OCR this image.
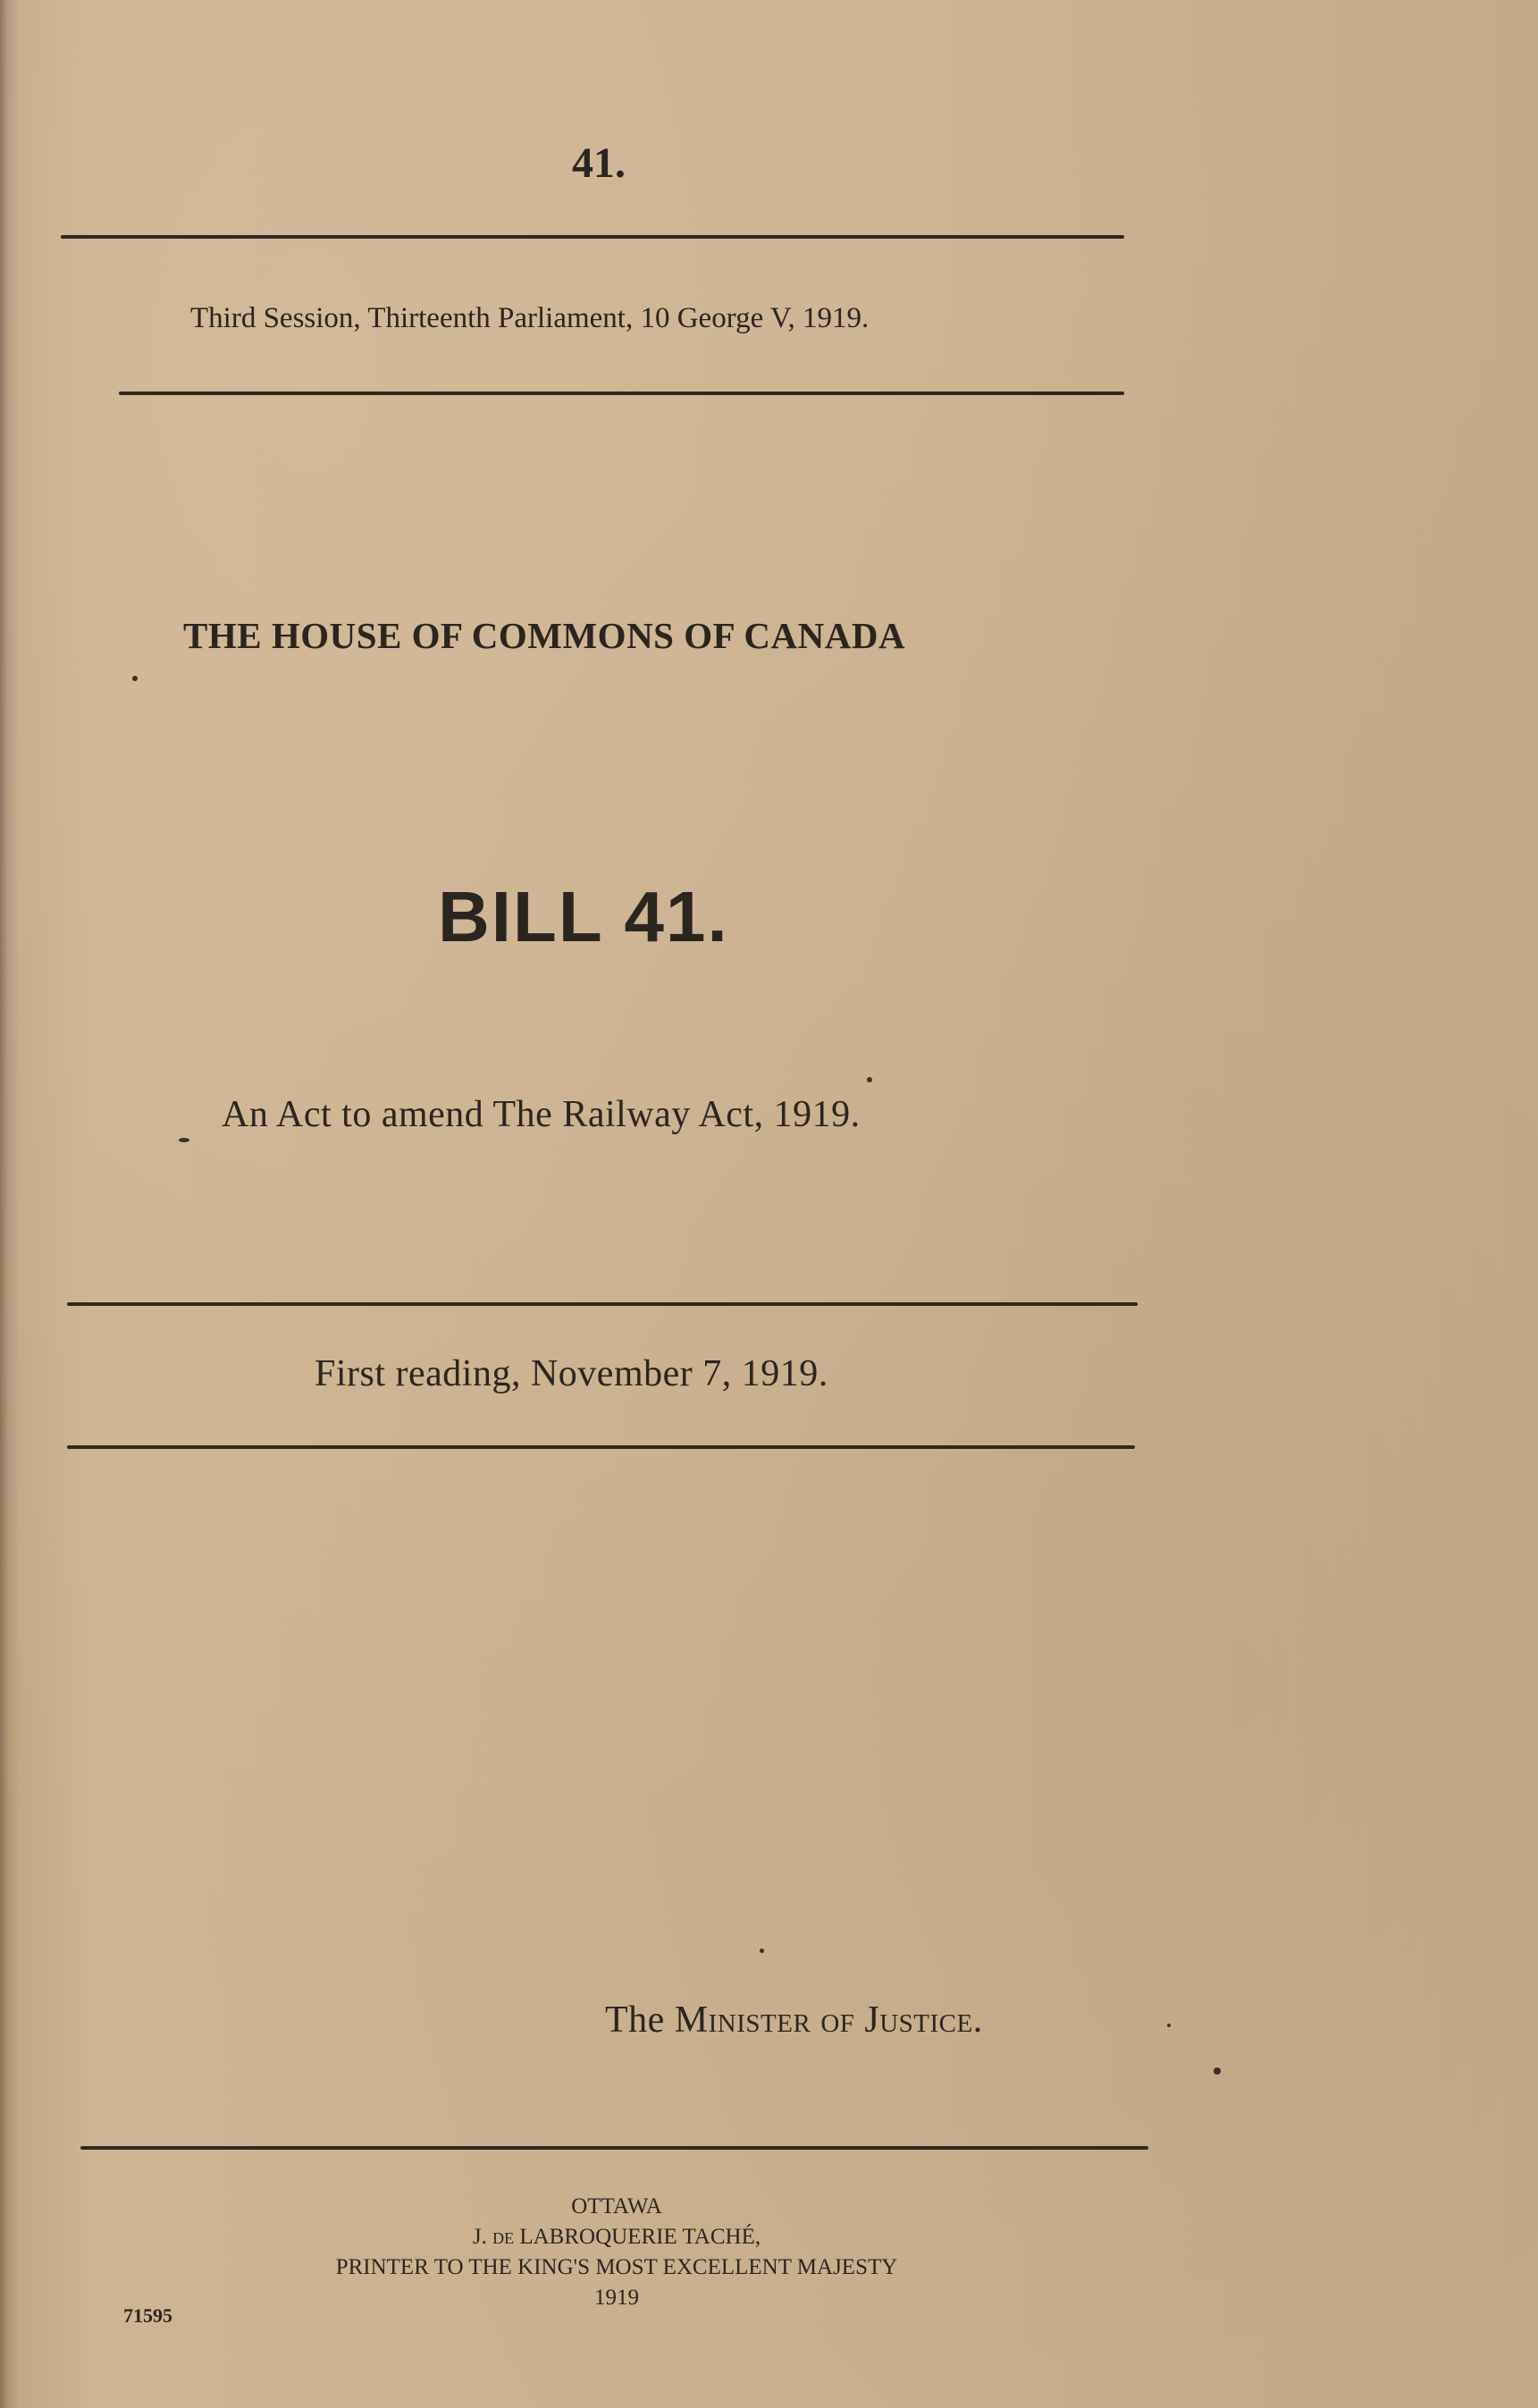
41.
Third Session, Thirteenth Parliament, 10 George V, 1919.
THE HOUSE OF COMMONS OF CANADA
BILL 41.
An Act to amend The Railway Act, 1919.
First reading, November 7, 1919.
The Minister of Justice.
OTTAWA
J. de LABROQUERIE TACHÉ,
PRINTER TO THE KING'S MOST EXCELLENT MAJESTY
1919
71595
